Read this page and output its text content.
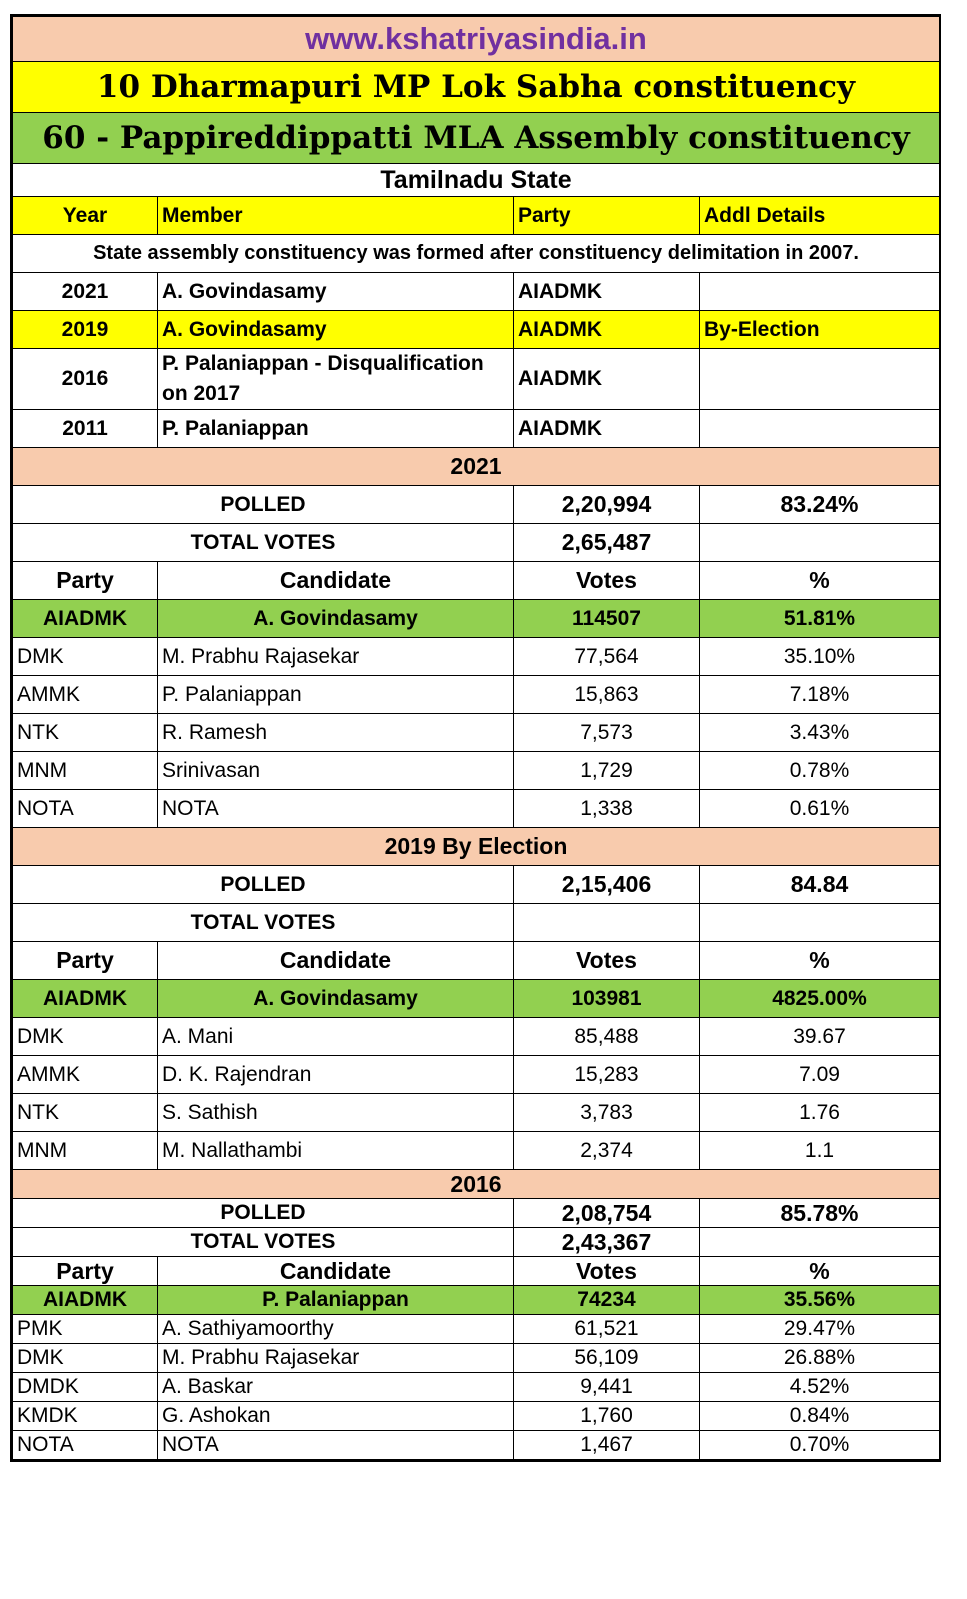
www.kshatriyasindia.in			
10 Dharmapuri MP Lok Sabha constituency			
60 - Pappireddippatti MLA Assembly constituency			
Tamilnadu State			
Year	Member	Party	Addl Details
State assembly constituency was formed after constituency delimitation in 2007.			
2021	A. Govindasamy	AIADMK	
2019	A. Govindasamy	AIADMK	By-Election
2016	P. Palaniappan - Disqualification on 2017	AIADMK	
2011	P. Palaniappan	AIADMK	
2021			
POLLED		2,20,994	83.24%
TOTAL VOTES		2,65,487	
Party	Candidate	Votes	%
AIADMK	A. Govindasamy	114507	51.81%
DMK	M. Prabhu Rajasekar	77,564	35.10%
AMMK	P. Palaniappan	15,863	7.18%
NTK	R. Ramesh	7,573	3.43%
MNM	Srinivasan	1,729	0.78%
NOTA	NOTA	1,338	0.61%
2019 By Election			
POLLED		2,15,406	84.84
TOTAL VOTES			
Party	Candidate	Votes	%
AIADMK	A. Govindasamy	103981	4825.00%
DMK	A. Mani	85,488	39.67
AMMK	D. K. Rajendran	15,283	7.09
NTK	S. Sathish	3,783	1.76
MNM	M. Nallathambi	2,374	1.1
2016			
POLLED		2,08,754	85.78%
TOTAL VOTES		2,43,367	
Party	Candidate	Votes	%
AIADMK	P. Palaniappan	74234	35.56%
PMK	A. Sathiyamoorthy	61,521	29.47%
DMK	M. Prabhu Rajasekar	56,109	26.88%
DMDK	A. Baskar	9,441	4.52%
KMDK	G. Ashokan	1,760	0.84%
NOTA	NOTA	1,467	0.70%
